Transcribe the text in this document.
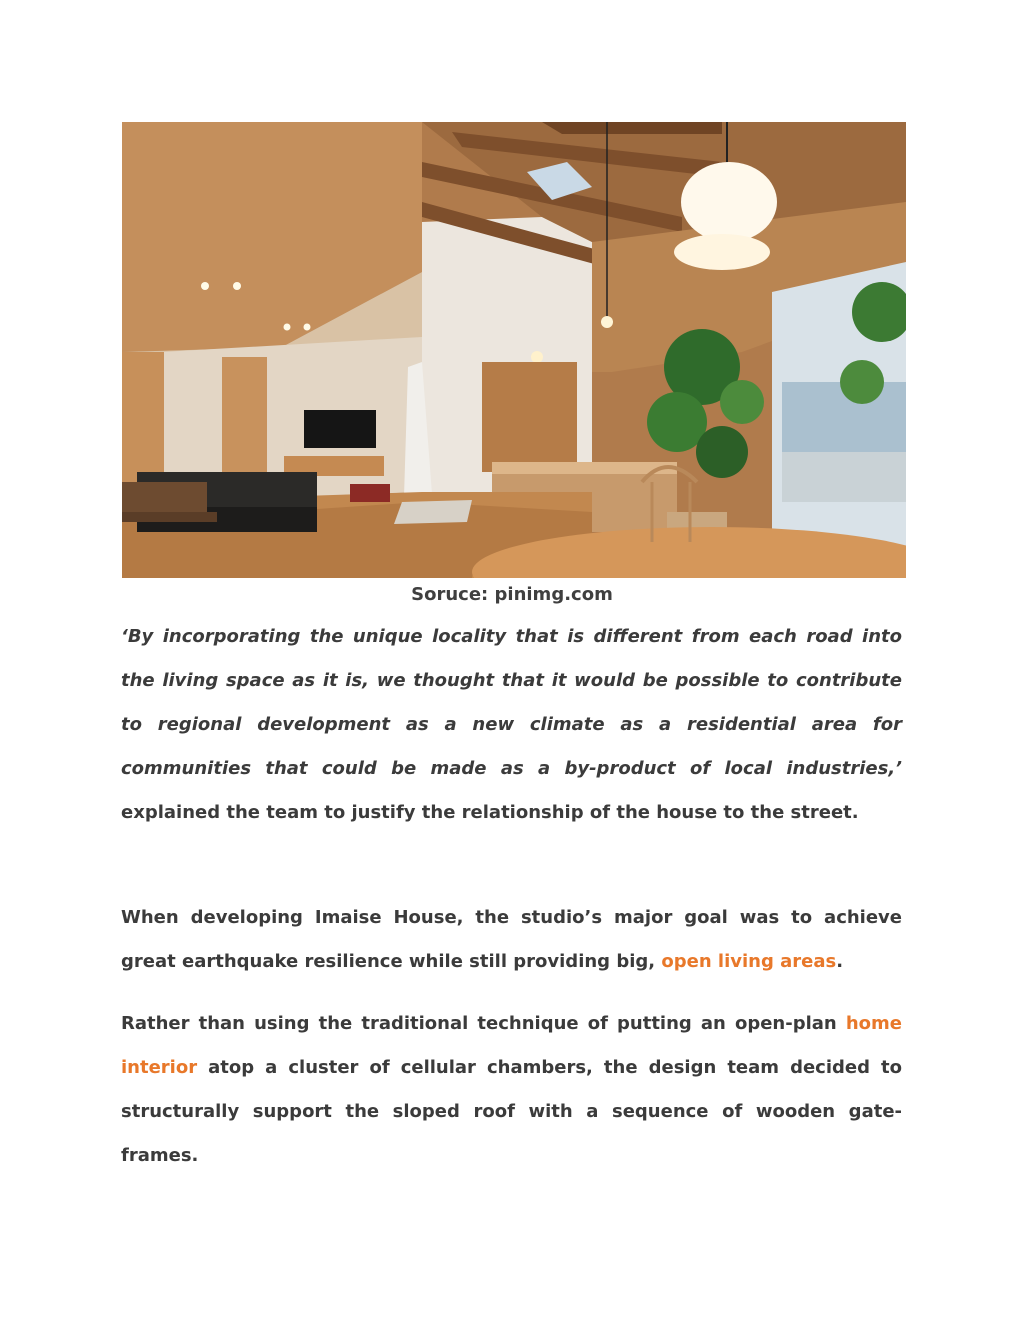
Soruce: pinimg.com
‘By incorporating the unique locality that is different from each road into the living space as it is, we thought that it would be possible to contribute to regional development as a new climate as a residential area for communities that could be made as a by-product of local industries,’ explained the team to justify the relationship of the house to the street.
When developing Imaise House, the studio’s major goal was to achieve great earthquake resilience while still providing big, open living areas.
Rather than using the traditional technique of putting an open-plan home interior atop a cluster of cellular chambers, the design team decided to structurally support the sloped roof with a sequence of wooden gate-frames.
